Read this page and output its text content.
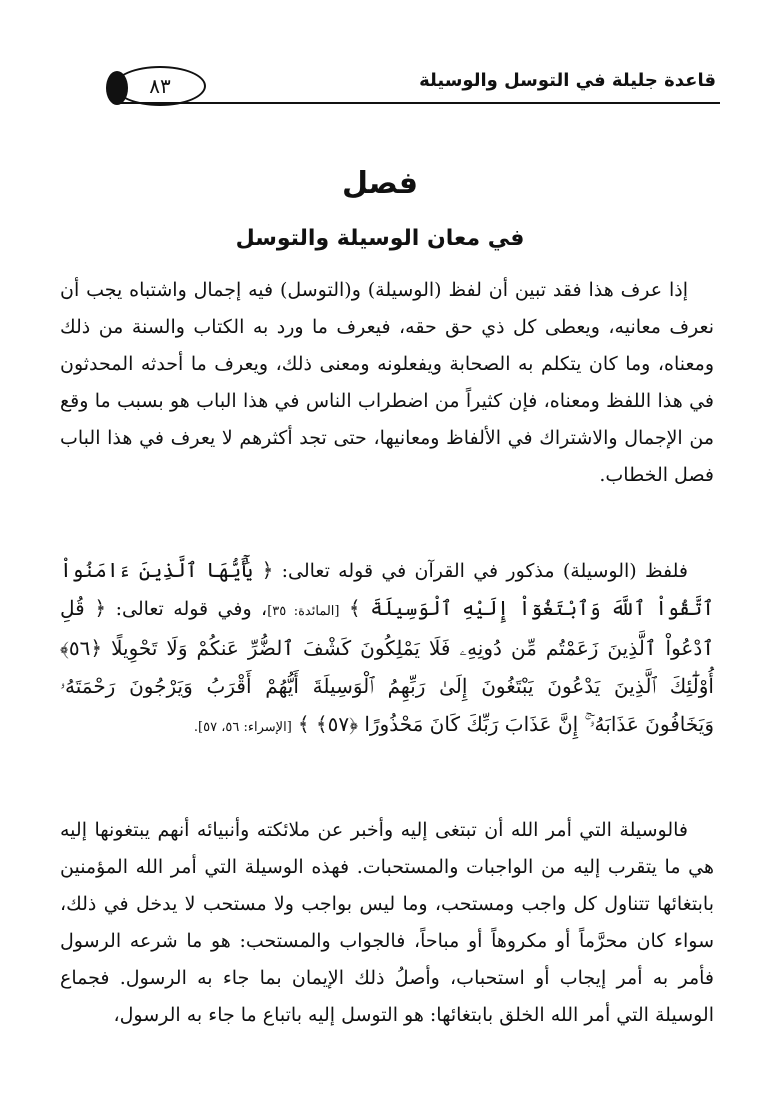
قاعدة جليلة في التوسل والوسيلة
٨٣
فصل
في معان الوسيلة والتوسل

إذا عرف هذا فقد تبين أن لفظ (الوسيلة) و(التوسل) فيه إجمال واشتباه يجب أن نعرف معانيه، ويعطى كل ذي حق حقه، فيعرف ما ورد به الكتاب والسنة من ذلك ومعناه، وما كان يتكلم به الصحابة ويفعلونه ومعنى ذلك، ويعرف ما أحدثه المحدثون في هذا اللفظ ومعناه، فإن كثيراً من اضطراب الناس في هذا الباب هو بسبب ما وقع من الإجمال والاشتراك في الألفاظ ومعانيها، حتى تجد أكثرهم لا يعرف في هذا الباب فصل الخطاب.

فلفظ (الوسيلة) مذكور في القرآن في قوله تعالى: ﴿ يَٰٓأَيُّهَا ٱلَّذِينَ ءَامَنُواْ ٱتَّقُواْ ٱللَّهَ وَٱبْتَغُوٓاْ إِلَيْهِ ٱلْوَسِيلَةَ ﴾ [المائدة: ٣٥]، وفي قوله تعالى: ﴿ قُلِ ٱدْعُواْ ٱلَّذِينَ زَعَمْتُم مِّن دُونِهِۦ فَلَا يَمْلِكُونَ كَشْفَ ٱلضُّرِّ عَنكُمْ وَلَا تَحْوِيلًا ﴿٥٦﴾ أُوْلَٰٓئِكَ ٱلَّذِينَ يَدْعُونَ يَبْتَغُونَ إِلَىٰ رَبِّهِمُ ٱلْوَسِيلَةَ أَيُّهُمْ أَقْرَبُ وَيَرْجُونَ رَحْمَتَهُۥ وَيَخَافُونَ عَذَابَهُۥٓ ۚ إِنَّ عَذَابَ رَبِّكَ كَانَ مَحْذُورًا ﴿٥٧﴾ ﴾ [الإسراء: ٥٦، ٥٧].

فالوسيلة التي أمر الله أن تبتغى إليه وأخبر عن ملائكته وأنبيائه أنهم يبتغونها إليه هي ما يتقرب إليه من الواجبات والمستحبات. فهذه الوسيلة التي أمر الله المؤمنين بابتغائها تتناول كل واجب ومستحب، وما ليس بواجب ولا مستحب لا يدخل في ذلك، سواء كان محرَّماً أو مكروهاً أو مباحاً، فالجواب والمستحب: هو ما شرعه الرسول فأمر به أمر إيجاب أو استحباب، وأصلُ ذلك الإيمان بما جاء به الرسول. فجماع الوسيلة التي أمر الله الخلق بابتغائها: هو التوسل إليه باتباع ما جاء به الرسول،
